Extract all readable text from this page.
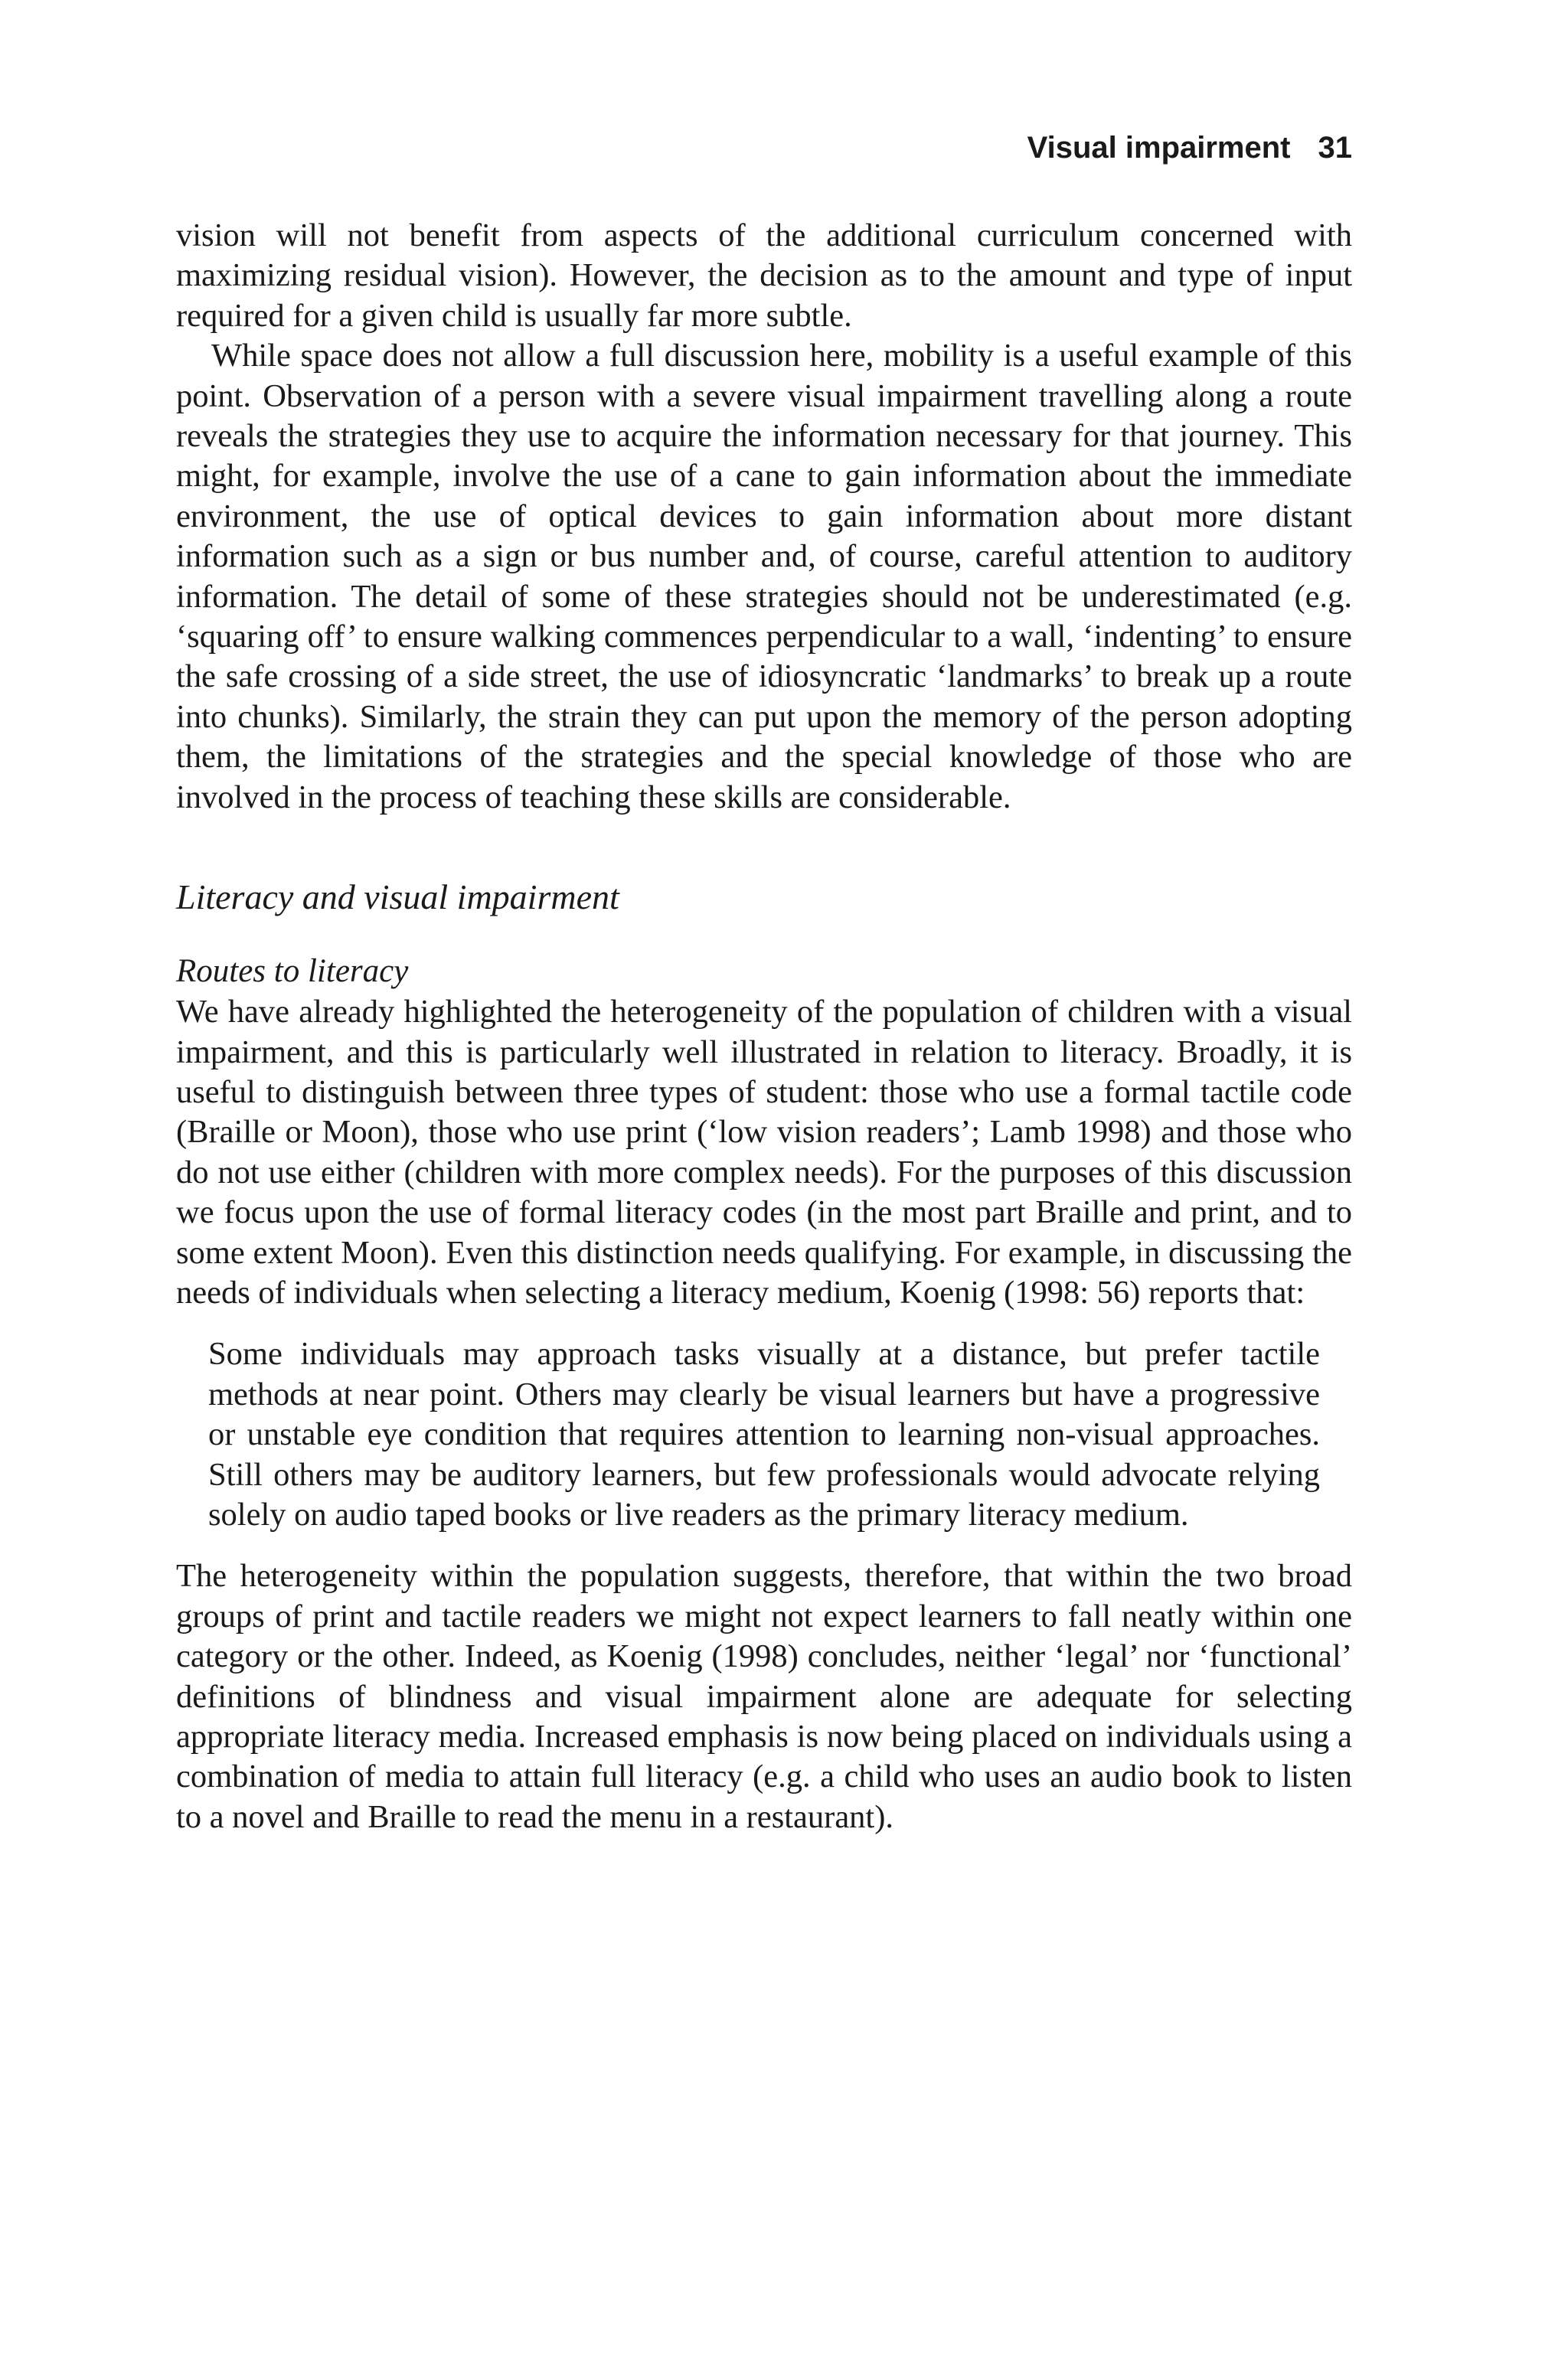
Visual impairment 31

vision will not benefit from aspects of the additional curriculum concerned with maximizing residual vision). However, the decision as to the amount and type of input required for a given child is usually far more subtle.

While space does not allow a full discussion here, mobility is a useful example of this point. Observation of a person with a severe visual impairment travelling along a route reveals the strategies they use to acquire the information necessary for that journey. This might, for example, involve the use of a cane to gain information about the immediate environment, the use of optical devices to gain information about more distant information such as a sign or bus number and, of course, careful attention to auditory information. The detail of some of these strategies should not be underestimated (e.g. ‘squaring off’ to ensure walking commences perpendicular to a wall, ‘indenting’ to ensure the safe crossing of a side street, the use of idiosyncratic ‘landmarks’ to break up a route into chunks). Similarly, the strain they can put upon the memory of the person adopting them, the limitations of the strategies and the special knowledge of those who are involved in the process of teaching these skills are considerable.

Literacy and visual impairment
Routes to literacy

We have already highlighted the heterogeneity of the population of children with a visual impairment, and this is particularly well illustrated in relation to literacy. Broadly, it is useful to distinguish between three types of student: those who use a formal tactile code (Braille or Moon), those who use print (‘low vision readers’; Lamb 1998) and those who do not use either (children with more complex needs). For the purposes of this discussion we focus upon the use of formal literacy codes (in the most part Braille and print, and to some extent Moon). Even this distinction needs qualifying. For example, in discussing the needs of individuals when selecting a literacy medium, Koenig (1998: 56) reports that:

Some individuals may approach tasks visually at a distance, but prefer tactile methods at near point. Others may clearly be visual learners but have a progressive or unstable eye condition that requires attention to learning non-visual approaches. Still others may be auditory learners, but few professionals would advocate relying solely on audio taped books or live readers as the primary literacy medium.

The heterogeneity within the population suggests, therefore, that within the two broad groups of print and tactile readers we might not expect learners to fall neatly within one category or the other. Indeed, as Koenig (1998) concludes, neither ‘legal’ nor ‘functional’ definitions of blindness and visual impairment alone are adequate for selecting appropriate literacy media. Increased emphasis is now being placed on individuals using a combination of media to attain full literacy (e.g. a child who uses an audio book to listen to a novel and Braille to read the menu in a restaurant).
